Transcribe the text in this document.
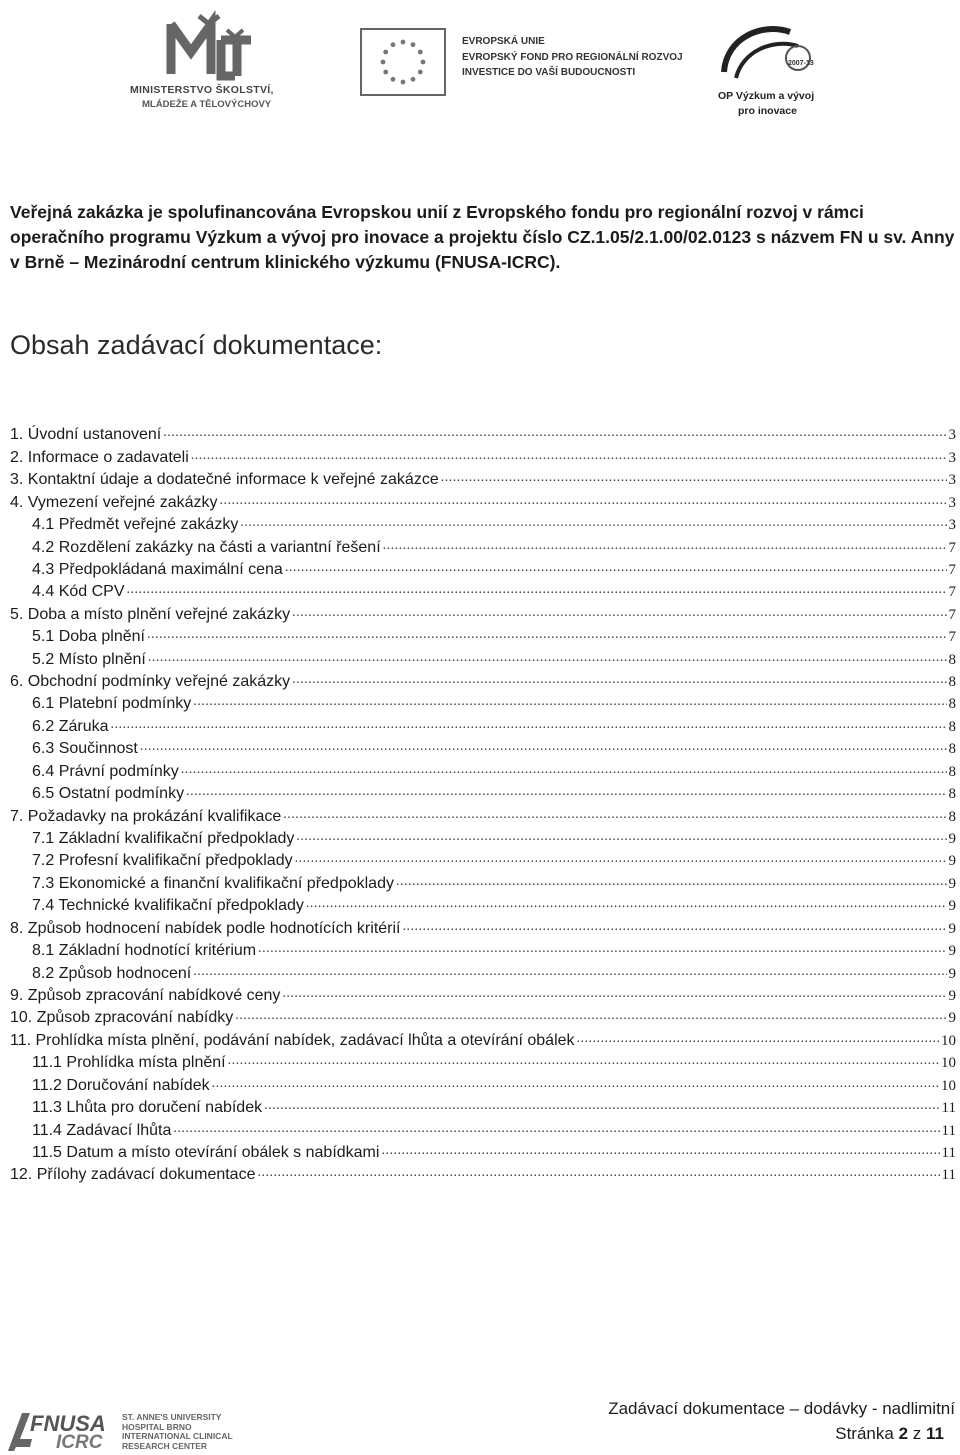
MINISTERSTVO ŠKOLSTVÍ,
MLÁDEŽE A TĚLOVÝCHOVY
EVROPSKÁ UNIE
EVROPSKÝ FOND PRO REGIONÁLNÍ ROZVOJ
INVESTICE DO VAŠÍ BUDOUCNOSTI
2007-13
OP Výzkum a vývoj
pro inovace

Veřejná zakázka je spolufinancována Evropskou unií z Evropského fondu pro regionální rozvoj v rámci operačního programu Výzkum a vývoj pro inovace a projektu číslo CZ.1.05/2.1.00/02.0123 s názvem FN u sv. Anny v Brně – Mezinárodní centrum klinického výzkumu (FNUSA-ICRC).

Obsah zadávací dokumentace:
1. Úvodní ustanovení .....	3
2. Informace o zadavateli .....	3
3. Kontaktní údaje a dodatečné informace k veřejné zakázce .....	3
4. Vymezení veřejné zakázky .....	3
4.1 Předmět veřejné zakázky .....	3
4.2 Rozdělení zakázky na části a variantní řešení .....	7
4.3 Předpokládaná maximální cena .....	7
4.4 Kód CPV .....	7
5. Doba a místo plnění veřejné zakázky .....	7
5.1 Doba plnění .....	7
5.2 Místo plnění .....	8
6. Obchodní podmínky veřejné zakázky .....	8
6.1 Platební podmínky .....	8
6.2 Záruka .....	8
6.3 Součinnost .....	8
6.4 Právní podmínky .....	8
6.5 Ostatní podmínky .....	8
7. Požadavky na prokázání kvalifikace .....	8
7.1 Základní kvalifikační předpoklady .....	9
7.2 Profesní kvalifikační předpoklady .....	9
7.3 Ekonomické a finanční kvalifikační předpoklady .....	9
7.4 Technické kvalifikační předpoklady .....	9
8. Způsob hodnocení nabídek podle hodnotících kritérií .....	9
8.1 Základní hodnotící kritérium .....	9
8.2 Způsob hodnocení .....	9
9. Způsob zpracování nabídkové ceny .....	9
10. Způsob zpracování nabídky .....	9
11. Prohlídka místa plnění, podávání nabídek, zadávací lhůta a otevírání obálek .....	10
11.1 Prohlídka místa plnění .....	10
11.2 Doručování nabídek .....	10
11.3 Lhůta pro doručení nabídek .....	11
11.4 Zadávací lhůta .....	11
11.5 Datum a místo otevírání obálek s nabídkami .....	11
12. Přílohy zadávací dokumentace .....	11
FNUSA
ICRC
ST. ANNE'S UNIVERSITY
HOSPITAL BRNO
INTERNATIONAL CLINICAL
RESEARCH CENTER
Zadávací dokumentace – dodávky - nadlimitní
Stránka 2 z 11
